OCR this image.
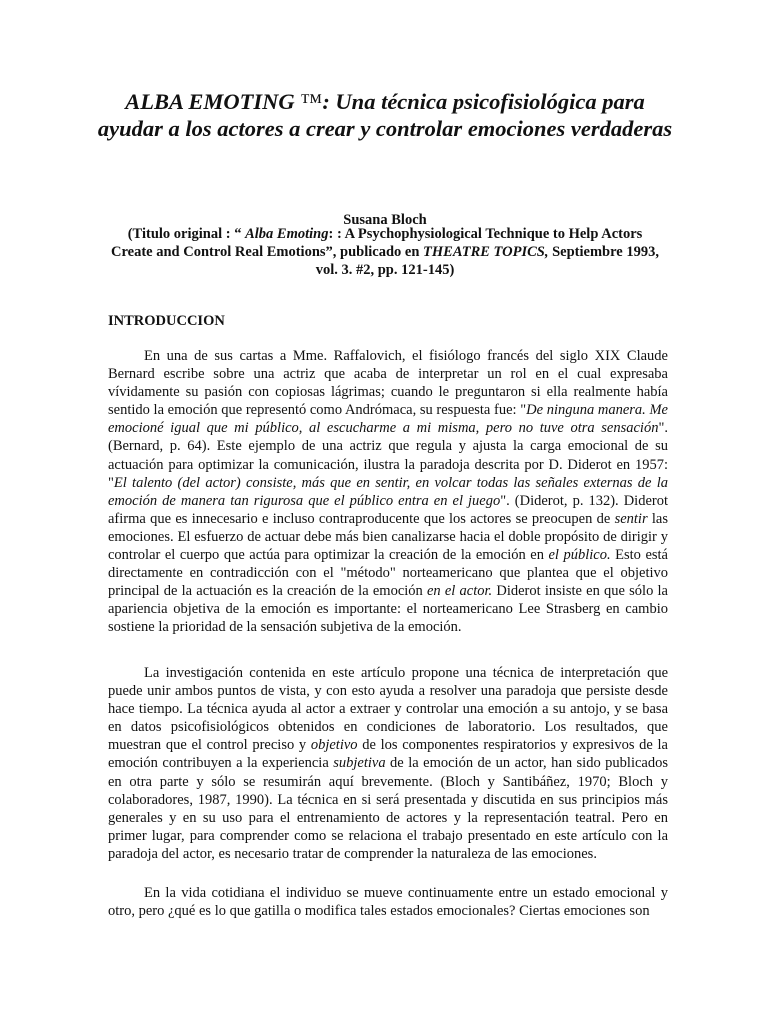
ALBA EMOTING ™: Una técnica psicofisiológica para ayudar a los actores a crear y controlar emociones verdaderas

Susana Bloch

(Titulo original : “ Alba Emoting: : A Psychophysiological Technique to Help Actors Create and Control Real Emotions”, publicado en THEATRE TOPICS, Septiembre 1993, vol. 3. #2, pp. 121-145)

INTRODUCCION

En una de sus cartas a Mme. Raffalovich, el fisiólogo francés del siglo XIX Claude Bernard escribe sobre una actriz que acaba de interpretar un rol en el cual expresaba vívidamente su pasión con copiosas lágrimas; cuando le preguntaron si ella realmente había sentido la emoción que representó como Andrómaca, su respuesta fue: "De ninguna manera. Me emocioné igual que mi público, al escucharme a mi misma, pero no tuve otra sensación". (Bernard, p. 64). Este ejemplo de una actriz que regula y ajusta la carga emocional de su actuación para optimizar la comunicación, ilustra la paradoja descrita por D. Diderot en 1957: "El talento (del actor) consiste, más que en sentir, en volcar todas las señales externas de la emoción de manera tan rigurosa que el público entra en el juego". (Diderot, p. 132). Diderot afirma que es innecesario e incluso contraproducente que los actores se preocupen de sentir las emociones. El esfuerzo de actuar debe más bien canalizarse hacia el doble propósito de dirigir y controlar el cuerpo que actúa para optimizar la creación de la emoción en el público. Esto está directamente en contradicción con el "método" norteamericano que plantea que el objetivo principal de la actuación es la creación de la emoción en el actor. Diderot insiste en que sólo la apariencia objetiva de la emoción es importante: el norteamericano Lee Strasberg en cambio sostiene la prioridad de la sensación subjetiva de la emoción.

La investigación contenida en este artículo propone una técnica de interpretación que puede unir ambos puntos de vista, y con esto ayuda a resolver una paradoja que persiste desde hace tiempo. La técnica ayuda al actor a extraer y controlar una emoción a su antojo, y se basa en datos psicofisiológicos obtenidos en condiciones de laboratorio. Los resultados, que muestran que el control preciso y objetivo de los componentes respiratorios y expresivos de la emoción contribuyen a la experiencia subjetiva de la emoción de un actor, han sido publicados en otra parte y sólo se resumirán aquí brevemente. (Bloch y Santibáñez, 1970; Bloch y colaboradores, 1987, 1990). La técnica en si será presentada y discutida en sus principios más generales y en su uso para el entrenamiento de actores y la representación teatral. Pero en primer lugar, para comprender como se relaciona el trabajo presentado en este artículo con la paradoja del actor, es necesario tratar de comprender la naturaleza de las emociones.

En la vida cotidiana el individuo se mueve continuamente entre un estado emocional y otro, pero ¿qué es lo que gatilla o modifica tales estados emocionales? Ciertas emociones son
